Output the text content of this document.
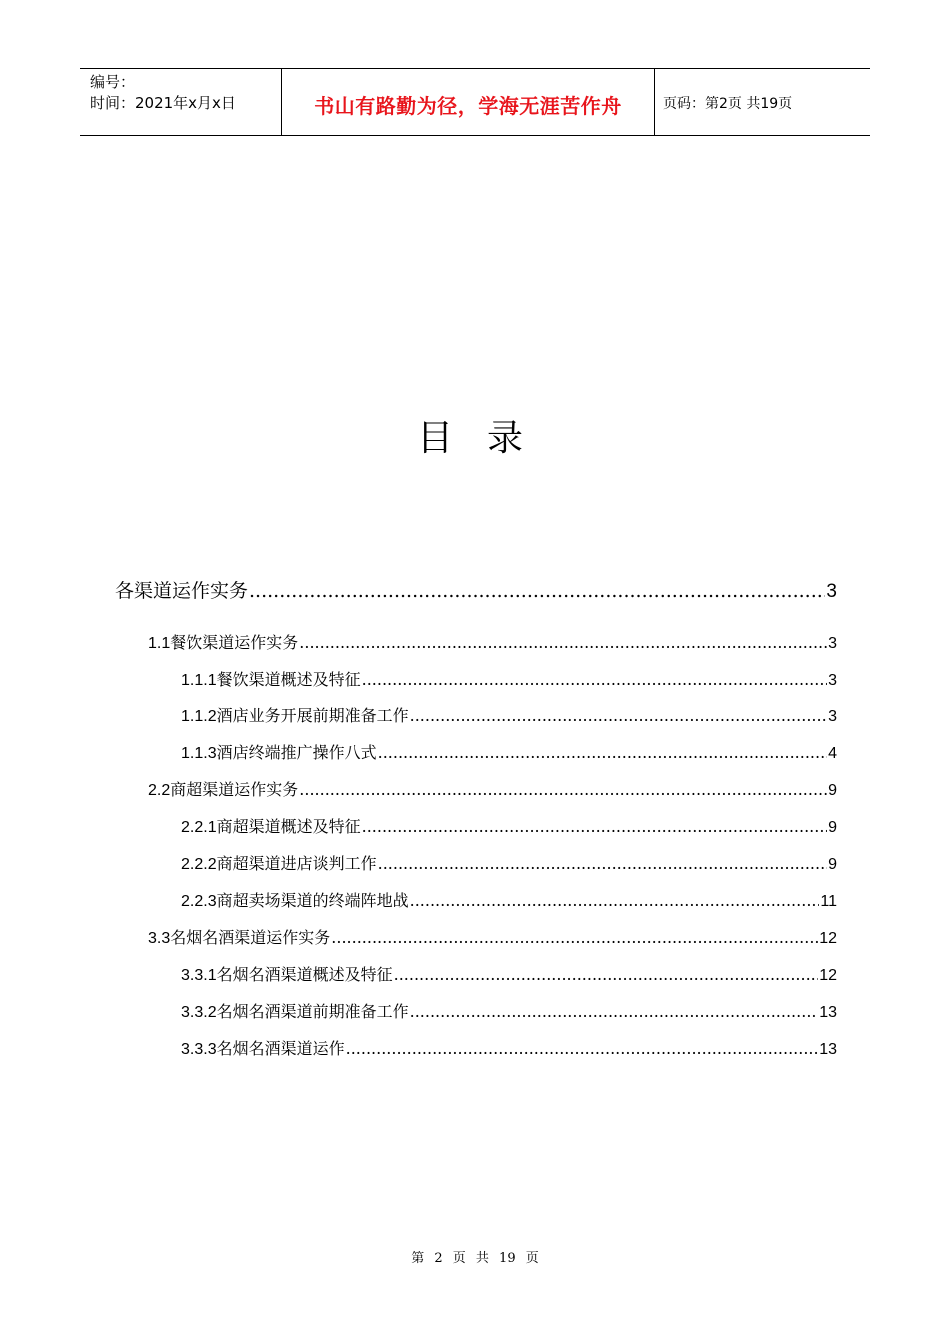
编号：
时间：2021年x月x日	书山有路勤为径，学海无涯苦作舟	页码：第2页 共19页
目录
各渠道运作实务 .....	3
1.1 餐饮渠道运作实务 .....	3
1.1.1 餐饮渠道概述及特征 .....	3
1.1.2 酒店业务开展前期准备工作 .....	3
1.1.3 酒店终端推广操作八式 .....	4
2.2 商超渠道运作实务 .....	9
2.2.1 商超渠道概述及特征 .....	9
2.2.2 商超渠道进店谈判工作 .....	9
2.2.3 商超卖场渠道的终端阵地战 .....	11
3.3 名烟名酒渠道运作实务 .....	12
3.3.1 名烟名酒渠道概述及特征 .....	12
3.3.2 名烟名酒渠道前期准备工作 .....	13
3.3.3 名烟名酒渠道运作 .....	13
第 2 页 共 19 页
